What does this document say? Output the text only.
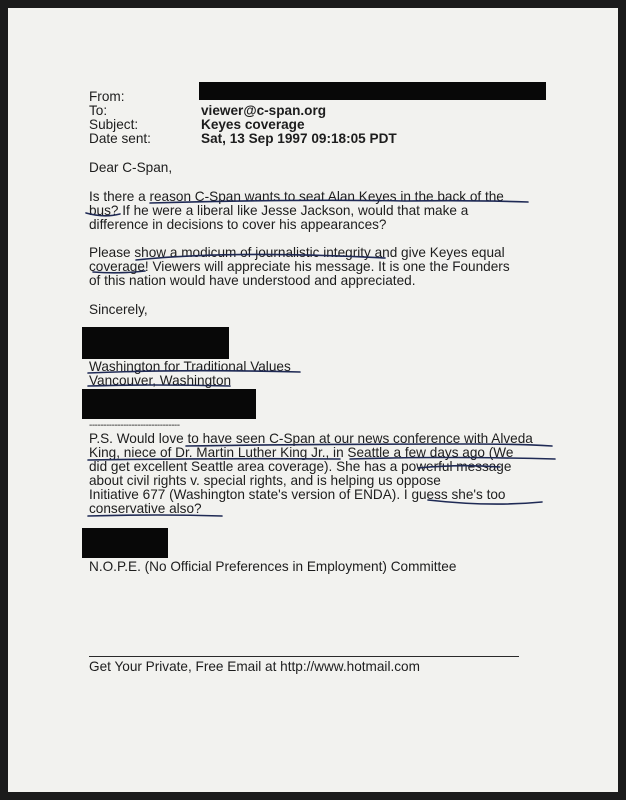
From:
To:
Subject:
Date sent:
viewer@c-span.org
Keyes coverage
Sat, 13 Sep 1997 09:18:05 PDT
Dear C-Span,
Is there a reason C-Span wants to seat Alan Keyes in the back of the
bus? If he were a liberal like Jesse Jackson, would that make a
difference in decisions to cover his appearances?
Please show a modicum of journalistic integrity and give Keyes equal
coverage! Viewers will appreciate his message. It is one the Founders
of this nation would have understood and appreciated.
Sincerely,
Washington for Traditional Values
Vancouver, Washington
--------------------------------
P.S. Would love to have seen C-Span at our news conference with Alveda
King, niece of Dr. Martin Luther King Jr., in Seattle a few days ago (We
did get excellent Seattle area coverage). She has a powerful message
about civil rights v. special rights, and is helping us oppose
Initiative 677 (Washington state's version of ENDA). I guess she's too
conservative also?
N.O.P.E. (No Official Preferences in Employment) Committee
Get Your Private, Free Email at http://www.hotmail.com
